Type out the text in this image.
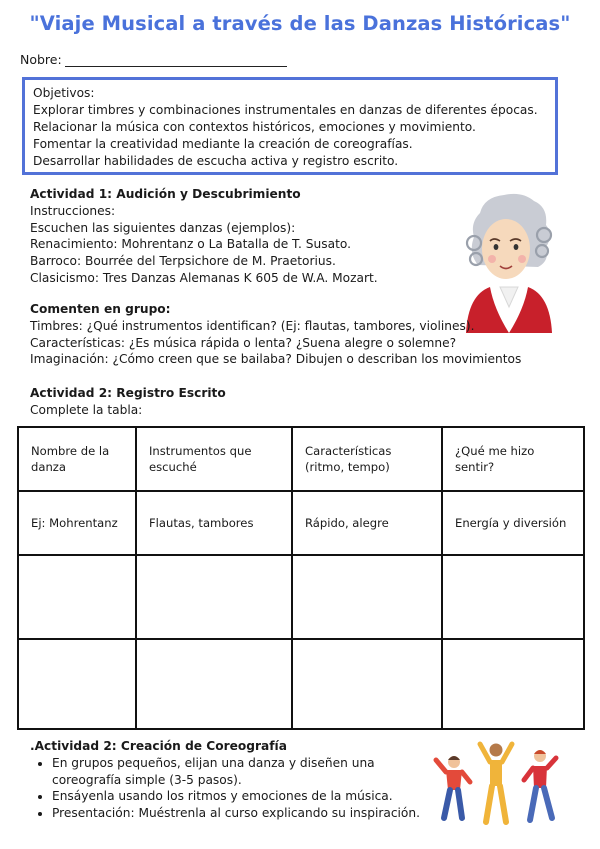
"Viaje Musical a través de las Danzas Históricas"
Nobre:
Objetivos:
Explorar timbres y combinaciones instrumentales en danzas de diferentes épocas.
Relacionar la música con contextos históricos, emociones y movimiento.
Fomentar la creatividad mediante la creación de coreografías.
Desarrollar habilidades de escucha activa y registro escrito.
Actividad 1: Audición y Descubrimiento
Instrucciones:
Escuchen las siguientes danzas (ejemplos):
Renacimiento: Mohrentanz o La Batalla de T. Susato.
Barroco: Bourrée del Terpsichore de M. Praetorius.
Clasicismo: Tres Danzas Alemanas K 605 de W.A. Mozart.
Comenten en grupo:
Timbres: ¿Qué instrumentos identifican? (Ej: flautas, tambores, violines).
Características: ¿Es música rápida o lenta? ¿Suena alegre o solemne?
Imaginación: ¿Cómo creen que se bailaba? Dibujen o describan los movimientos
Actividad 2: Registro Escrito
Complete la tabla:
Nombre de la danza	Instrumentos que escuché	Características (ritmo, tempo)	¿Qué me hizo sentir?
Ej: Mohrentanz	Flautas, tambores	Rápido, alegre	Energía y diversión

.Actividad 2: Creación de Coreografía
• En grupos pequeños, elijan una danza y diseñen una
coreografía simple (3-5 pasos).
• Ensáyenla usando los ritmos y emociones de la música.
• Presentación: Muéstrenla al curso explicando su inspiración.
